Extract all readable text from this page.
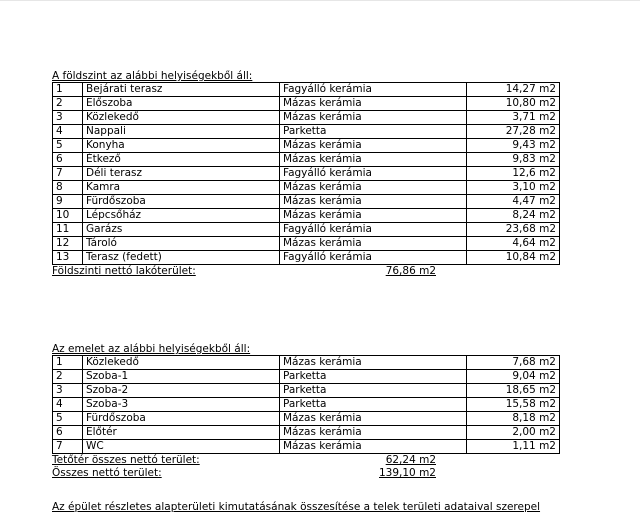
A földszint az alábbi helyiségekből áll:
1	Bejárati terasz	Fagyálló kerámia	14,27 m2
2	Előszoba	Mázas kerámia	10,80 m2
3	Közlekedő	Mázas kerámia	3,71 m2
4	Nappali	Parketta	27,28 m2
5	Konyha	Mázas kerámia	9,43 m2
6	Étkező	Mázas kerámia	9,83 m2
7	Déli terasz	Fagyálló kerámia	12,6 m2
8	Kamra	Mázas kerámia	3,10 m2
9	Fürdőszoba	Mázas kerámia	4,47 m2
10	Lépcsőház	Mázas kerámia	8,24 m2
11	Garázs	Fagyálló kerámia	23,68 m2
12	Tároló	Mázas kerámia	4,64 m2
13	Terasz (fedett)	Fagyálló kerámia	10,84 m2
Földszinti nettó lakóterület:	76,86 m2
Az emelet az alábbi helyiségekből áll:
1	Közlekedő	Mázas kerámia	7,68 m2
2	Szoba-1	Parketta	9,04 m2
3	Szoba-2	Parketta	18,65 m2
4	Szoba-3	Parketta	15,58 m2
5	Fürdőszoba	Mázas kerámia	8,18 m2
6	Előtér	Mázas kerámia	2,00 m2
7	WC	Mázas kerámia	1,11 m2
Tetőtér összes nettó terület:	62,24 m2
Összes nettó terület:	139,10 m2
Az épület részletes alapterületi kimutatásának összesítése a telek területi adataival szerepel
